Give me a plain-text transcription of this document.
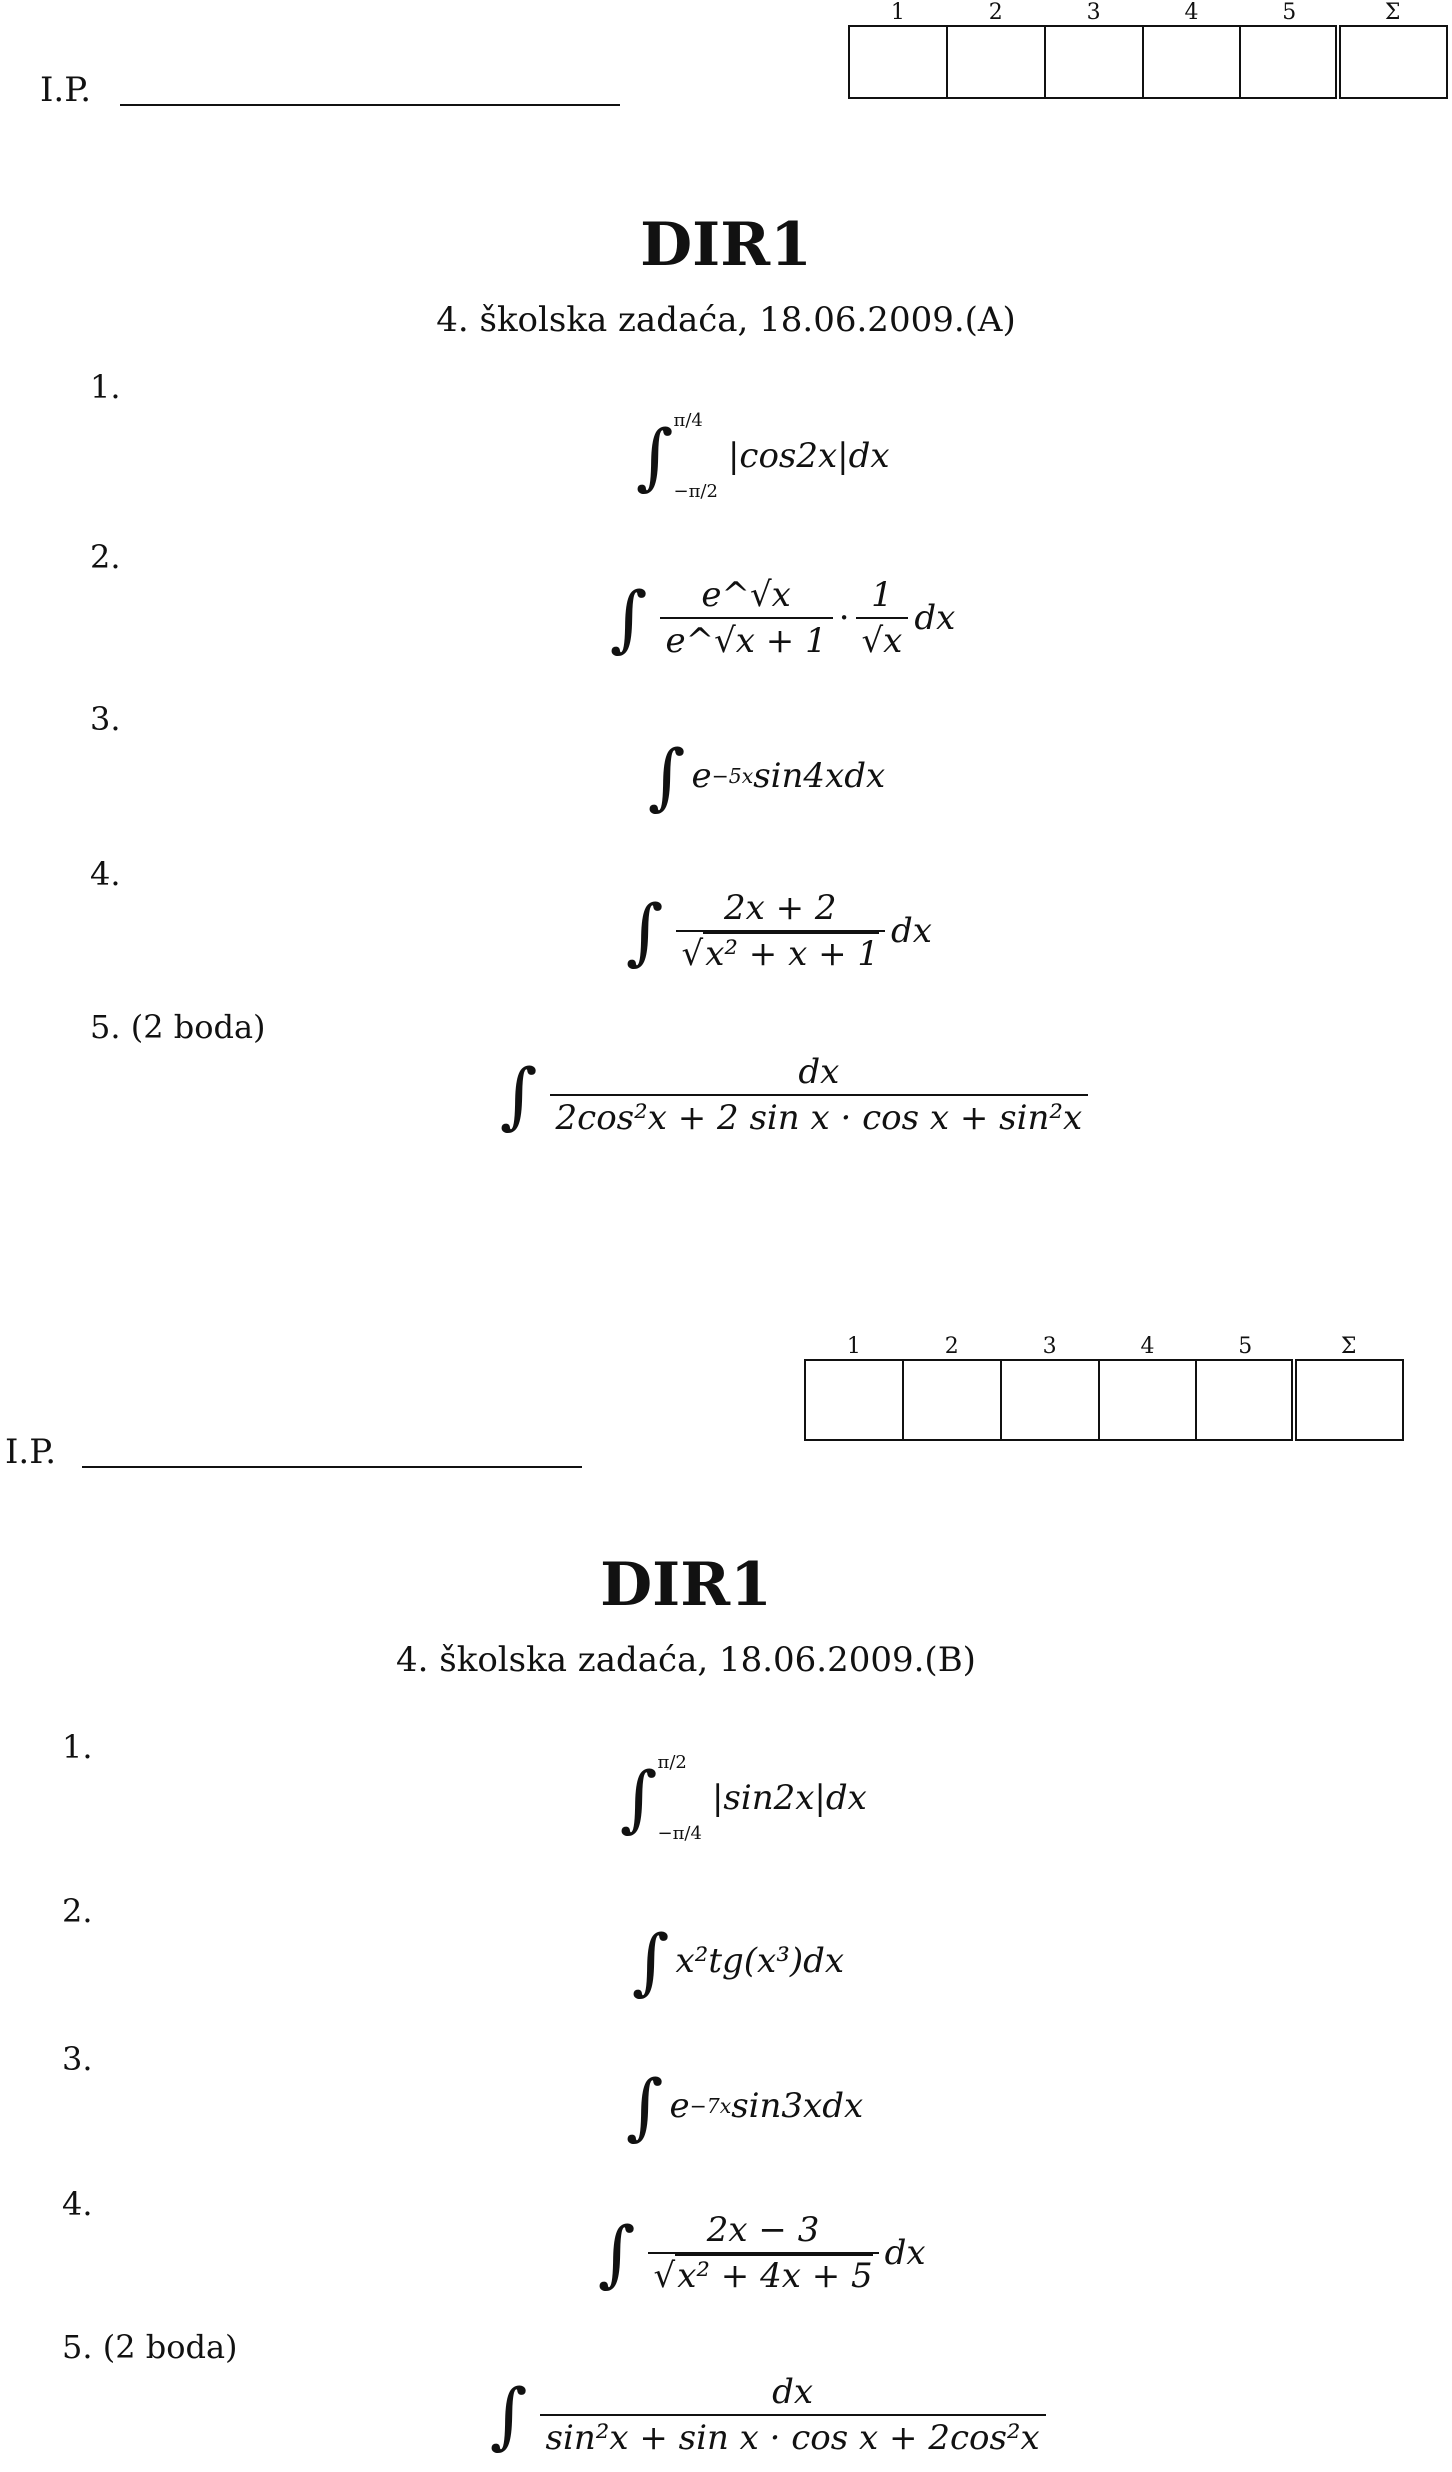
I.P.
1	2	3	4	5	Σ

DIR1
4. školska zadaća, 18.06.2009.(A)
1.
∫ π/4
−π/2
|cos2x|dx
2.
∫ $\frac{e\^{}√x}{e\^{}√x + 1} \cdot \frac{1}{√x}$ dx
3.
∫ e −5x sin4xdx
4.
∫ 2x + 2
√ x² + x + 1 dx
5. (2 boda)
∫ $\frac{dx}{\text{2cos²x + 2 sin x · cos x + sin²x}}$
I.P.
1	2	3	4	5	Σ

DIR1
4. školska zadaća, 18.06.2009.(B)
1.
∫ π/2
−π/4
|sin2x|dx
2.
∫ x²tg(x³)dx
3.
∫ e −7x sin3xdx
4.
∫ 2x − 3
√ x² + 4x + 5 dx
5. (2 boda)
∫ $\frac{dx}{\text{sin²x + sin x · cos x + 2cos²x}}$
